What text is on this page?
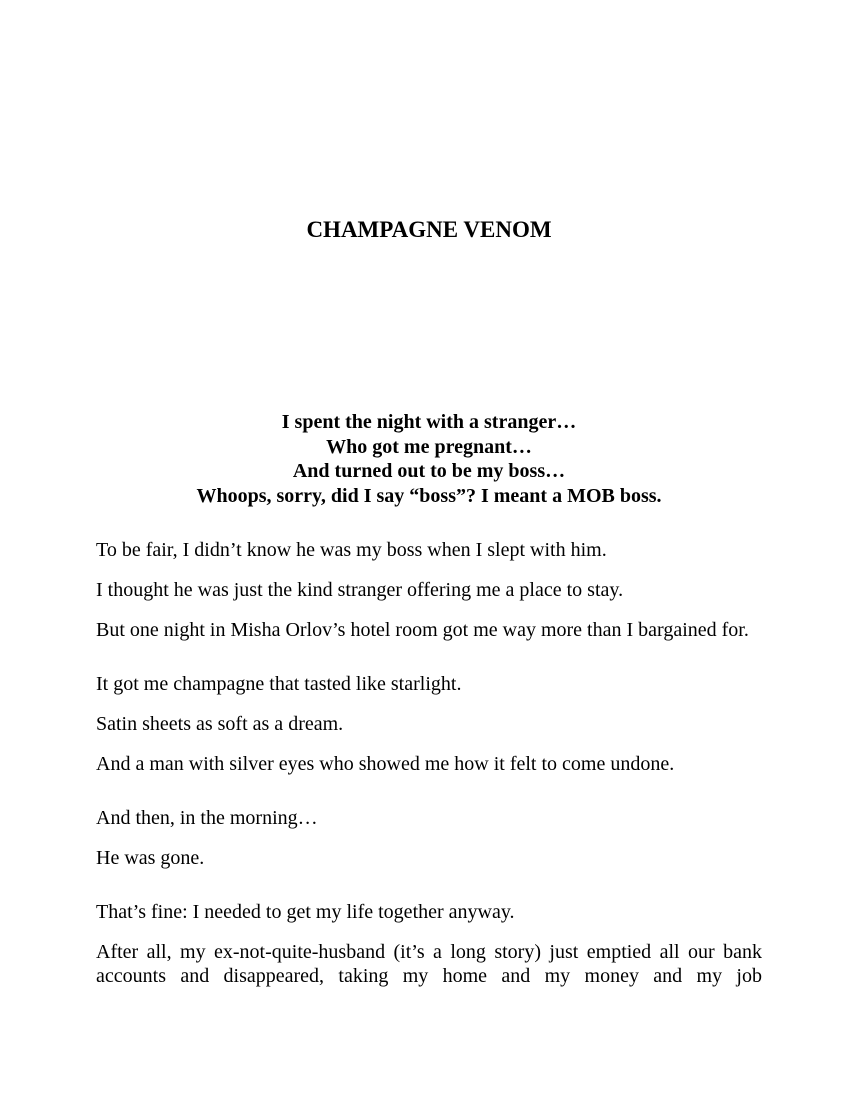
CHAMPAGNE VENOM
I spent the night with a stranger…
Who got me pregnant…
And turned out to be my boss…
Whoops, sorry, did I say “boss”? I meant a MOB boss.

To be fair, I didn’t know he was my boss when I slept with him.

I thought he was just the kind stranger offering me a place to stay.

But one night in Misha Orlov’s hotel room got me way more than I bargained for.

It got me champagne that tasted like starlight.

Satin sheets as soft as a dream.

And a man with silver eyes who showed me how it felt to come undone.

And then, in the morning…

He was gone.

That’s fine: I needed to get my life together anyway.

After all, my ex-not-quite-husband (it’s a long story) just emptied all our bank accounts and disappeared, taking my home and my money and my job
